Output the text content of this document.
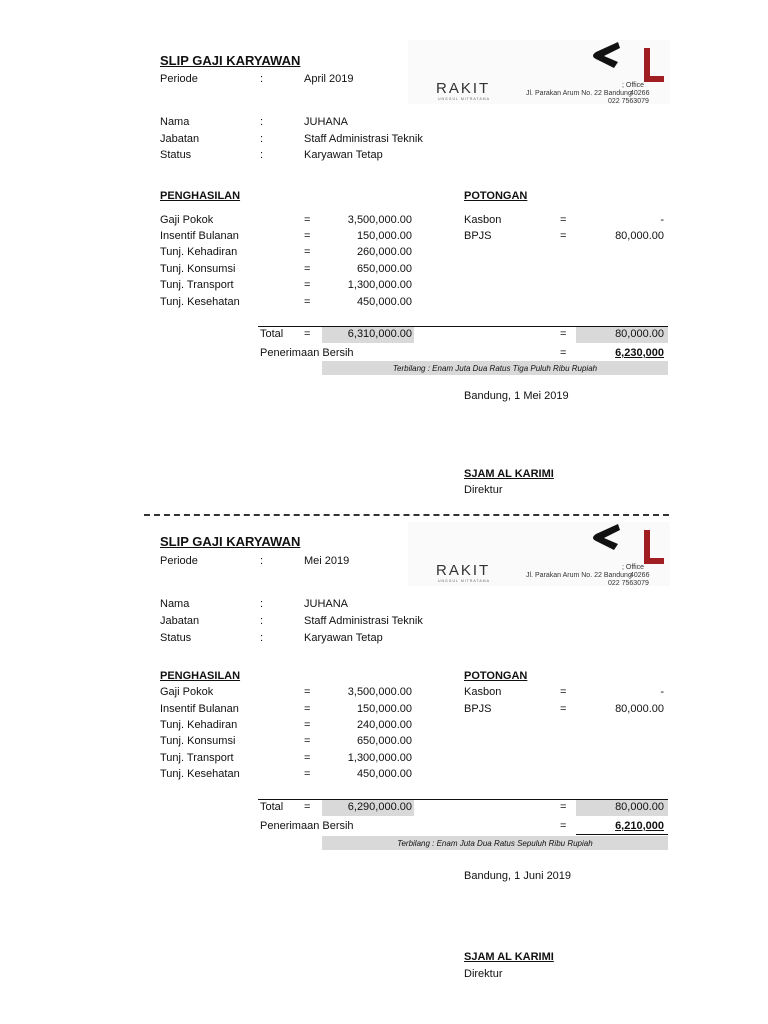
SLIP GAJI KARYAWAN
Periode	:	April 2019
RAKIT
UNGGUL MITRATAMA
; Office
Jl. Parakan Arum No. 22 Bandung
40266
022 7563079
Nama	:	JUHANA
Jabatan	:	Staff Administrasi Teknik
Status	:	Karyawan Tetap
PENGHASILAN	POTONGAN
Gaji Pokok	=	3,500,000.00
Insentif Bulanan	=	150,000.00
Tunj. Kehadiran	=	260,000.00
Tunj. Konsumsi	=	650,000.00
Tunj. Transport	=	1,300,000.00
Tunj. Kesehatan	=	450,000.00
Kasbon	=	-
BPJS	=	80,000.00
Total =	6,310,000.00	=	80,000.00
Penerimaan Bersih	=	6,230,000
Terbilang : Enam Juta Dua Ratus Tiga Puluh Ribu Rupiah
Bandung, 1 Mei 2019
SJAM AL KARIMI
Direktur
SLIP GAJI KARYAWAN
Periode	:	Mei 2019
RAKIT
UNGGUL MITRATAMA
; Office
Jl. Parakan Arum No. 22 Bandung
40266
022 7563079
Nama	:	JUHANA
Jabatan	:	Staff Administrasi Teknik
Status	:	Karyawan Tetap
PENGHASILAN	POTONGAN
Gaji Pokok	=	3,500,000.00
Insentif Bulanan	=	150,000.00
Tunj. Kehadiran	=	240,000.00
Tunj. Konsumsi	=	650,000.00
Tunj. Transport	=	1,300,000.00
Tunj. Kesehatan	=	450,000.00
Kasbon	=	-
BPJS	=	80,000.00
Total =	6,290,000.00	=	80,000.00
Penerimaan Bersih	=	6,210,000
Terbilang : Enam Juta Dua Ratus Sepuluh Ribu Rupiah
Bandung, 1 Juni 2019
SJAM AL KARIMI
Direktur
